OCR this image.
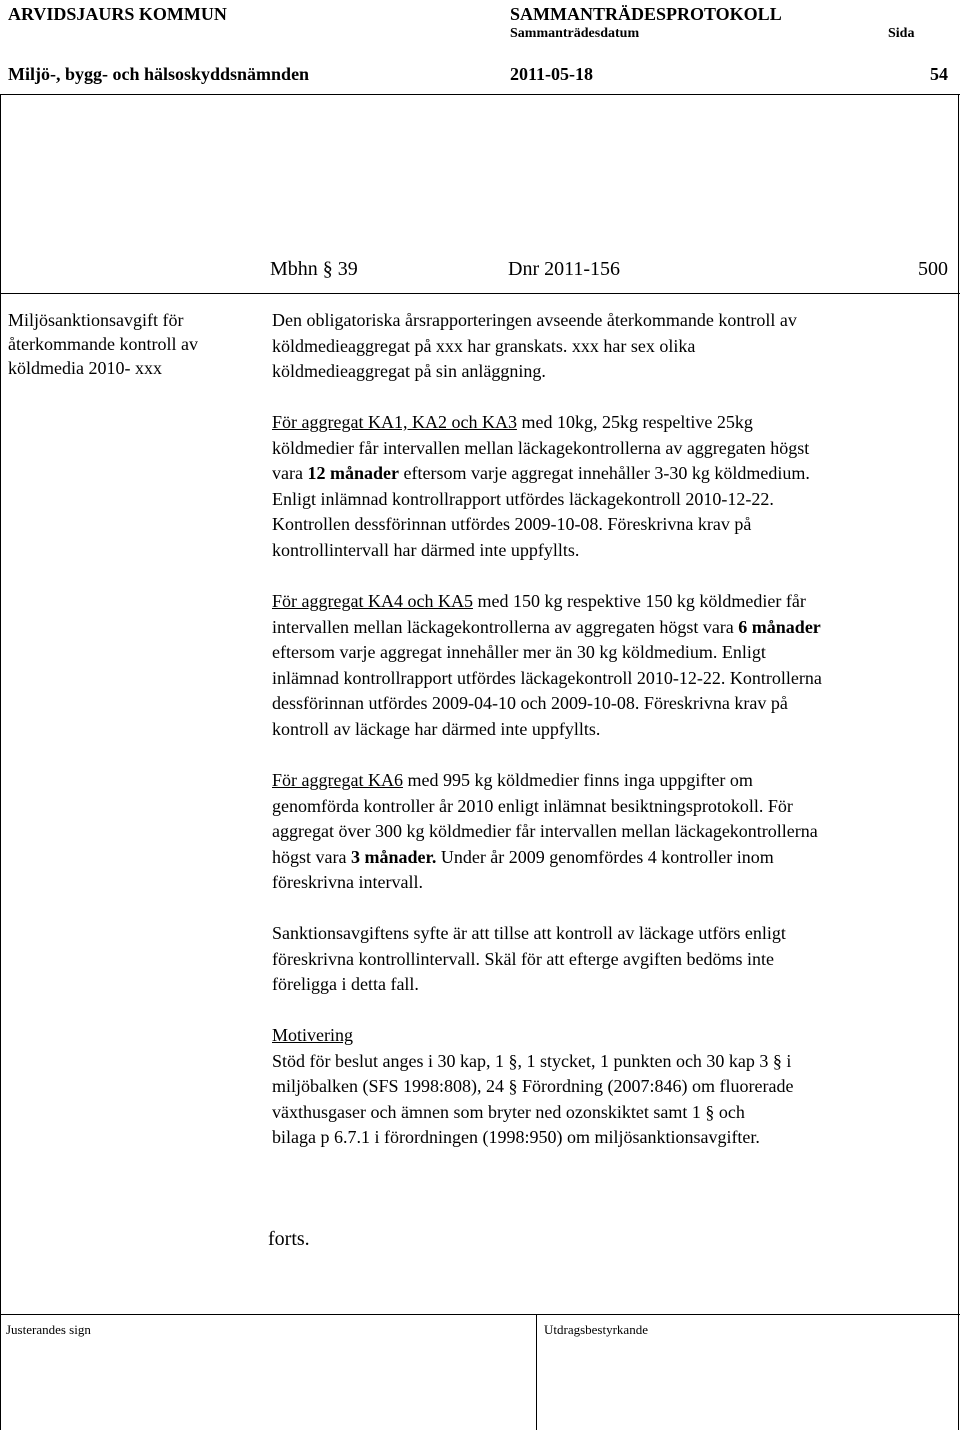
ARVIDSJAURS KOMMUN	SAMMANTRÄDESPROTOKOLL
Sammanträdesdatum	Sida
Miljö-, bygg- och hälsoskyddsnämnden	2011-05-18	54
Mbhn § 39	Dnr 2011-156	500
Miljösanktionsavgift för
återkommande kontroll av
köldmedia 2010- xxx
Den obligatoriska årsrapporteringen avseende återkommande kontroll av
köldmedieaggregat på xxx har granskats. xxx har sex olika
köldmedieaggregat på sin anläggning.
För aggregat KA1, KA2 och KA3 med 10kg, 25kg respeltive 25kg
köldmedier får intervallen mellan läckagekontrollerna av aggregaten högst
vara 12 månader eftersom varje aggregat innehåller 3-30 kg köldmedium.
Enligt inlämnad kontrollrapport utfördes läckagekontroll 2010-12-22.
Kontrollen dessförinnan utfördes 2009-10-08. Föreskrivna krav på
kontrollintervall har därmed inte uppfyllts.
För aggregat KA4 och KA5 med 150 kg respektive 150 kg köldmedier får
intervallen mellan läckagekontrollerna av aggregaten högst vara 6 månader
eftersom varje aggregat innehåller mer än 30 kg köldmedium. Enligt
inlämnad kontrollrapport utfördes läckagekontroll 2010-12-22. Kontrollerna
dessförinnan utfördes 2009-04-10 och 2009-10-08. Föreskrivna krav på
kontroll av läckage har därmed inte uppfyllts.
För aggregat KA6 med 995 kg köldmedier finns inga uppgifter om
genomförda kontroller år 2010 enligt inlämnat besiktningsprotokoll. För
aggregat över 300 kg köldmedier får intervallen mellan läckagekontrollerna
högst vara 3 månader. Under år 2009 genomfördes 4 kontroller inom
föreskrivna intervall.
Sanktionsavgiftens syfte är att tillse att kontroll av läckage utförs enligt
föreskrivna kontrollintervall. Skäl för att efterge avgiften bedöms inte
föreligga i detta fall.
Motivering
Stöd för beslut anges i 30 kap, 1 §, 1 stycket, 1 punkten och 30 kap 3 § i
miljöbalken (SFS 1998:808), 24 § Förordning (2007:846) om fluorerade
växthusgaser och ämnen som bryter ned ozonskiktet samt 1 § och
bilaga p 6.7.1 i förordningen (1998:950) om miljösanktionsavgifter.
forts.
Justerandes sign	Utdragsbestyrkande
